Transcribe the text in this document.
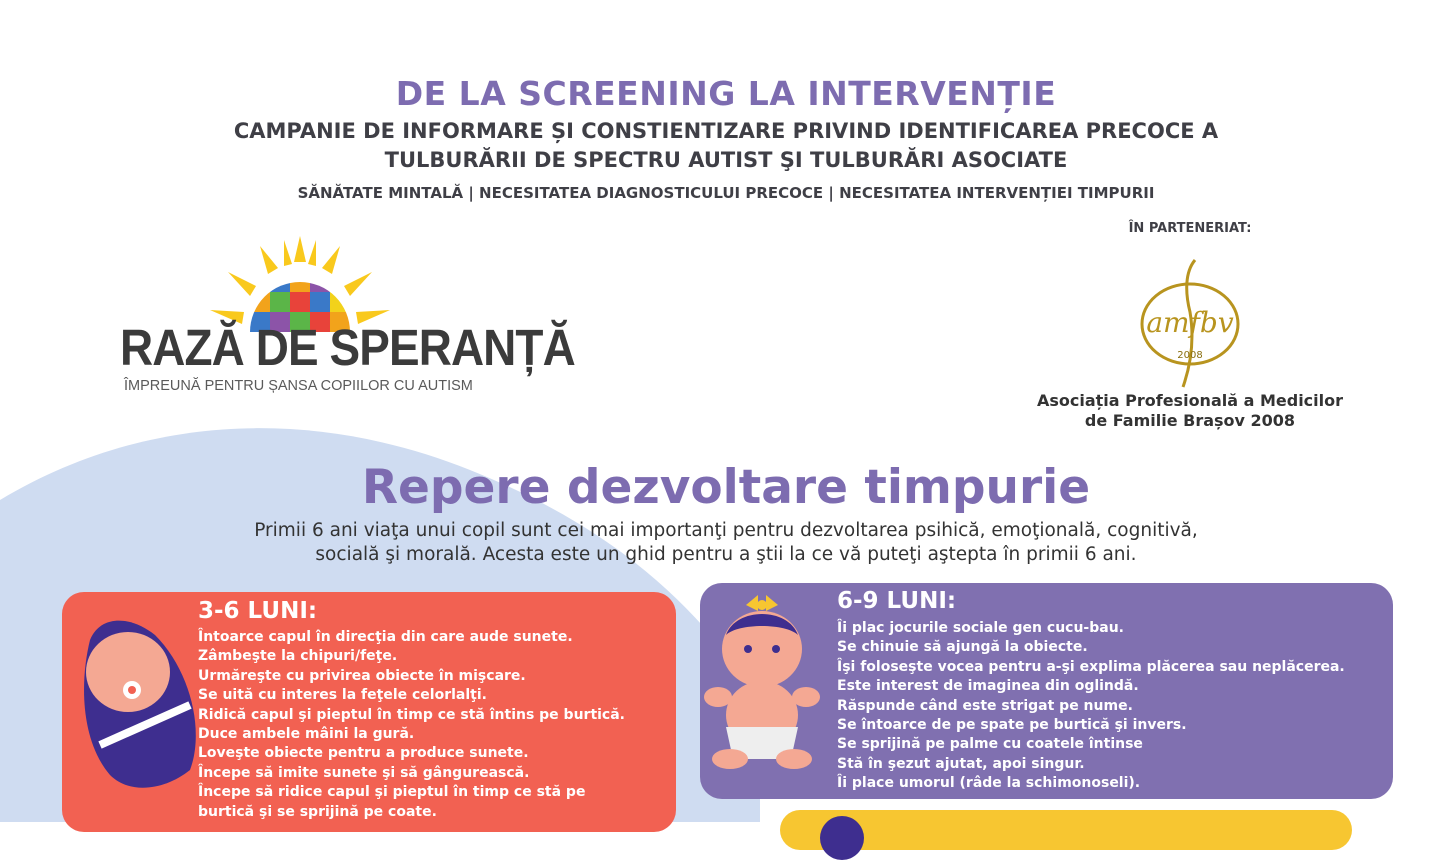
DE LA SCREENING LA INTERVENȚIE
CAMPANIE DE INFORMARE ȘI CONSTIENTIZARE PRIVIND IDENTIFICAREA PRECOCE A
TULBURĂRII DE SPECTRU AUTIST ŞI TULBURĂRI ASOCIATE
SĂNĂTATE MINTALĂ | NECESITATEA DIAGNOSTICULUI PRECOCE | NECESITATEA INTERVENȚIEI TIMPURII
RAZĂ DE SPERANȚĂ
ÎMPREUNĂ PENTRU ȘANSA COPIILOR CU AUTISM
ÎN PARTENERIAT:
amfbv
2008
Asociația Profesională a Medicilor
de Familie Brașov 2008
Repere dezvoltare timpurie
Primii 6 ani viaţa unui copil sunt cei mai importanţi pentru dezvoltarea psihică, emoţională, cognitivă,
socială şi morală. Acesta este un ghid pentru a ştii la ce vă puteţi aştepta în primii 6 ani.
3-6 LUNI:
Întoarce capul în direcţia din care aude sunete.
Zâmbeşte la chipuri/feţe.
Urmăreşte cu privirea obiecte în mişcare.
Se uită cu interes la feţele celorlalţi.
Ridică capul şi pieptul în timp ce stă întins pe burtică.
Duce ambele mâini la gură.
Loveşte obiecte pentru a produce sunete.
Începe să imite sunete şi să gângurească.
Începe să ridice capul şi pieptul în timp ce stă pe
burtică şi se sprijină pe coate.
6-9 LUNI:
Îi plac jocurile sociale gen cucu-bau.
Se chinuie să ajungă la obiecte.
Îşi foloseşte vocea pentru a-şi explima plăcerea sau neplăcerea.
Este interest de imaginea din oglindă.
Răspunde când este strigat pe nume.
Se întoarce de pe spate pe burtică şi invers.
Se sprijină pe palme cu coatele întinse
Stă în şezut ajutat, apoi singur.
Îi place umorul (râde la schimonoseli).
